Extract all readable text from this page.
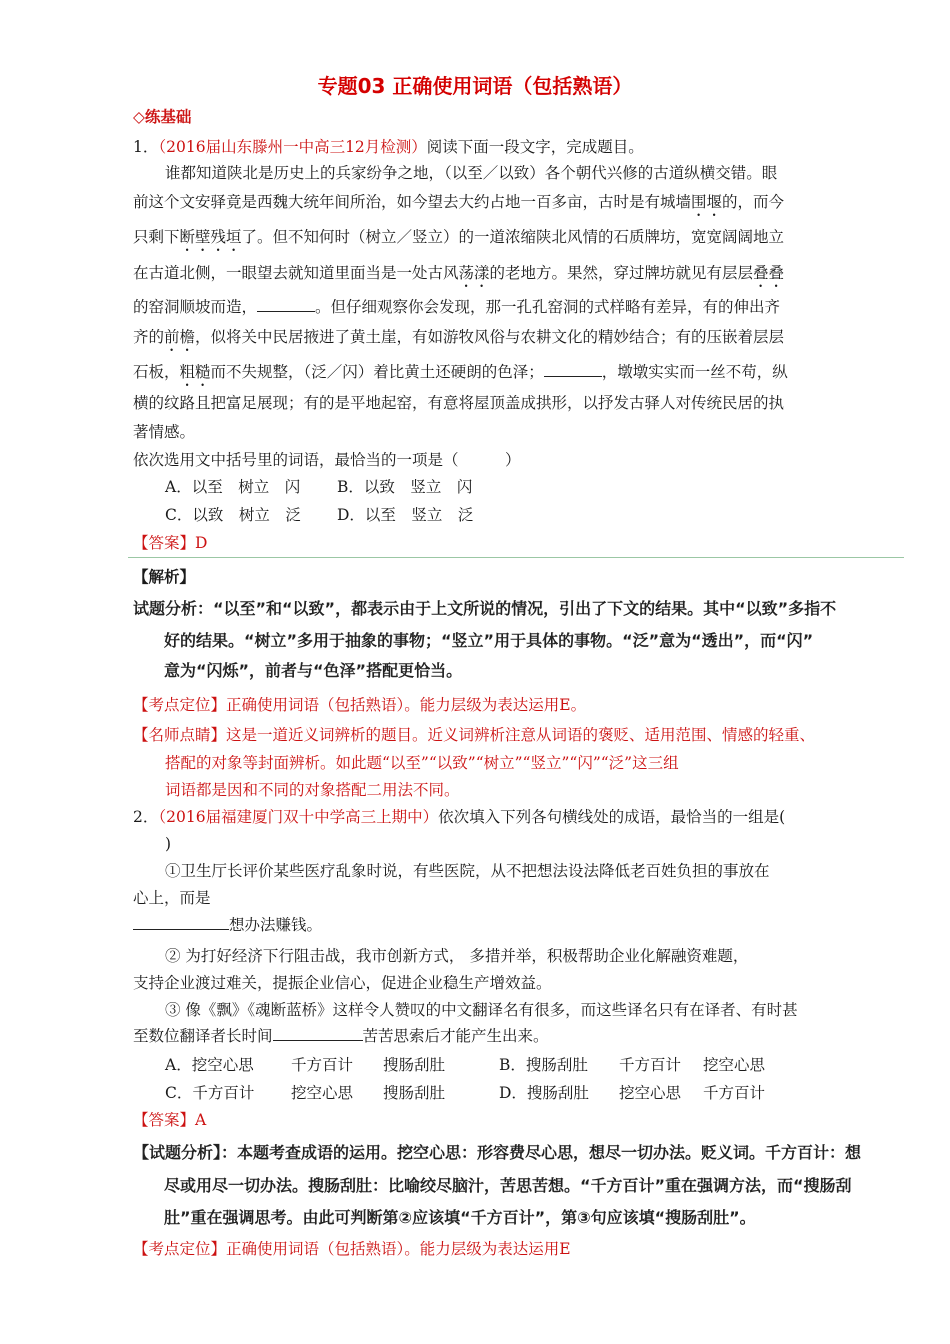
专题03 正确使用词语（包括熟语）
◇练基础
1．（2016届山东滕州一中高三12月检测）阅读下面一段文字，完成题目。
谁都知道陕北是历史上的兵家纷争之地，（以至／以致）各个朝代兴修的古道纵横交错。眼
前这个文安驿竟是西魏大统年间所治，如今望去大约占地一百多亩，古时是有城墙围堰的，而今
只剩下断壁残垣了。但不知何时（树立／竖立）的一道浓缩陕北风情的石质牌坊，宽宽阔阔地立
在古道北侧，一眼望去就知道里面当是一处古风荡漾的老地方。果然，穿过牌坊就见有层层叠叠
的窑洞顺坡而造，	。但仔细观察你会发现，那一孔孔窑洞的式样略有差异，有的伸出齐
齐的前檐，似将关中民居掖进了黄土崖，有如游牧风俗与农耕文化的精妙结合；有的压嵌着层层
石板，粗糙而不失规整，（泛／闪）着比黄土还硬朗的色泽；	，墩墩实实而一丝不苟，纵
横的纹路且把富足展现；有的是平地起窑，有意将屋顶盖成拱形，以抒发古驿人对传统民居的执
著情感。
依次选用文中括号里的词语，最恰当的一项是（　　　）
A．以至　树立　闪 B．以致　竖立　闪
C．以致　树立　泛 D．以至　竖立　泛
【答案】D
【解析】
试题分析：“以至”和“以致”，都表示由于上文所说的情况，引出了下文的结果。其中“以致”多指不
好的结果。“树立”多用于抽象的事物；“竖立”用于具体的事物。“泛”意为“透出”，而“闪”
意为“闪烁”，前者与“色泽”搭配更恰当。
【考点定位】正确使用词语（包括熟语）。能力层级为表达运用E。
【名师点睛】这是一道近义词辨析的题目。近义词辨析注意从词语的褒贬、适用范围、情感的轻重、
搭配的对象等封面辨析。如此题“以至”“以致”“树立”“竖立”“闪”“泛”这三组
词语都是因和不同的对象搭配二用法不同。
2．（2016届福建厦门双十中学高三上期中）依次填入下列各句横线处的成语，最恰当的一组是(
)
①卫生厅长评价某些医疗乱象时说，有些医院，从不把想法设法降低老百姓负担的事放在
心上，而是
想办法赚钱。
② 为打好经济下行阻击战，我市创新方式， 多措并举，积极帮助企业化解融资难题，
支持企业渡过难关，提振企业信心，促进企业稳生产增效益。
③ 像《飘》《魂断蓝桥》这样令人赞叹的中文翻译名有很多，而这些译名只有在译者、有时甚
至数位翻译者长时间	苦苦思索后才能产生出来。
A．挖空心思 千方百计 搜肠刮肚	B．搜肠刮肚 千方百计 挖空心思
C．千方百计 挖空心思 搜肠刮肚	D．搜肠刮肚 挖空心思 千方百计
【答案】A
【试题分析】：本题考查成语的运用。挖空心思：形容费尽心思，想尽一切办法。贬义词。千方百计：想
尽或用尽一切办法。搜肠刮肚：比喻绞尽脑汁，苦思苦想。“千方百计”重在强调方法，而“搜肠刮
肚”重在强调思考。由此可判断第②应该填“千方百计”，第③句应该填“搜肠刮肚”。
【考点定位】正确使用词语（包括熟语）。能力层级为表达运用E
